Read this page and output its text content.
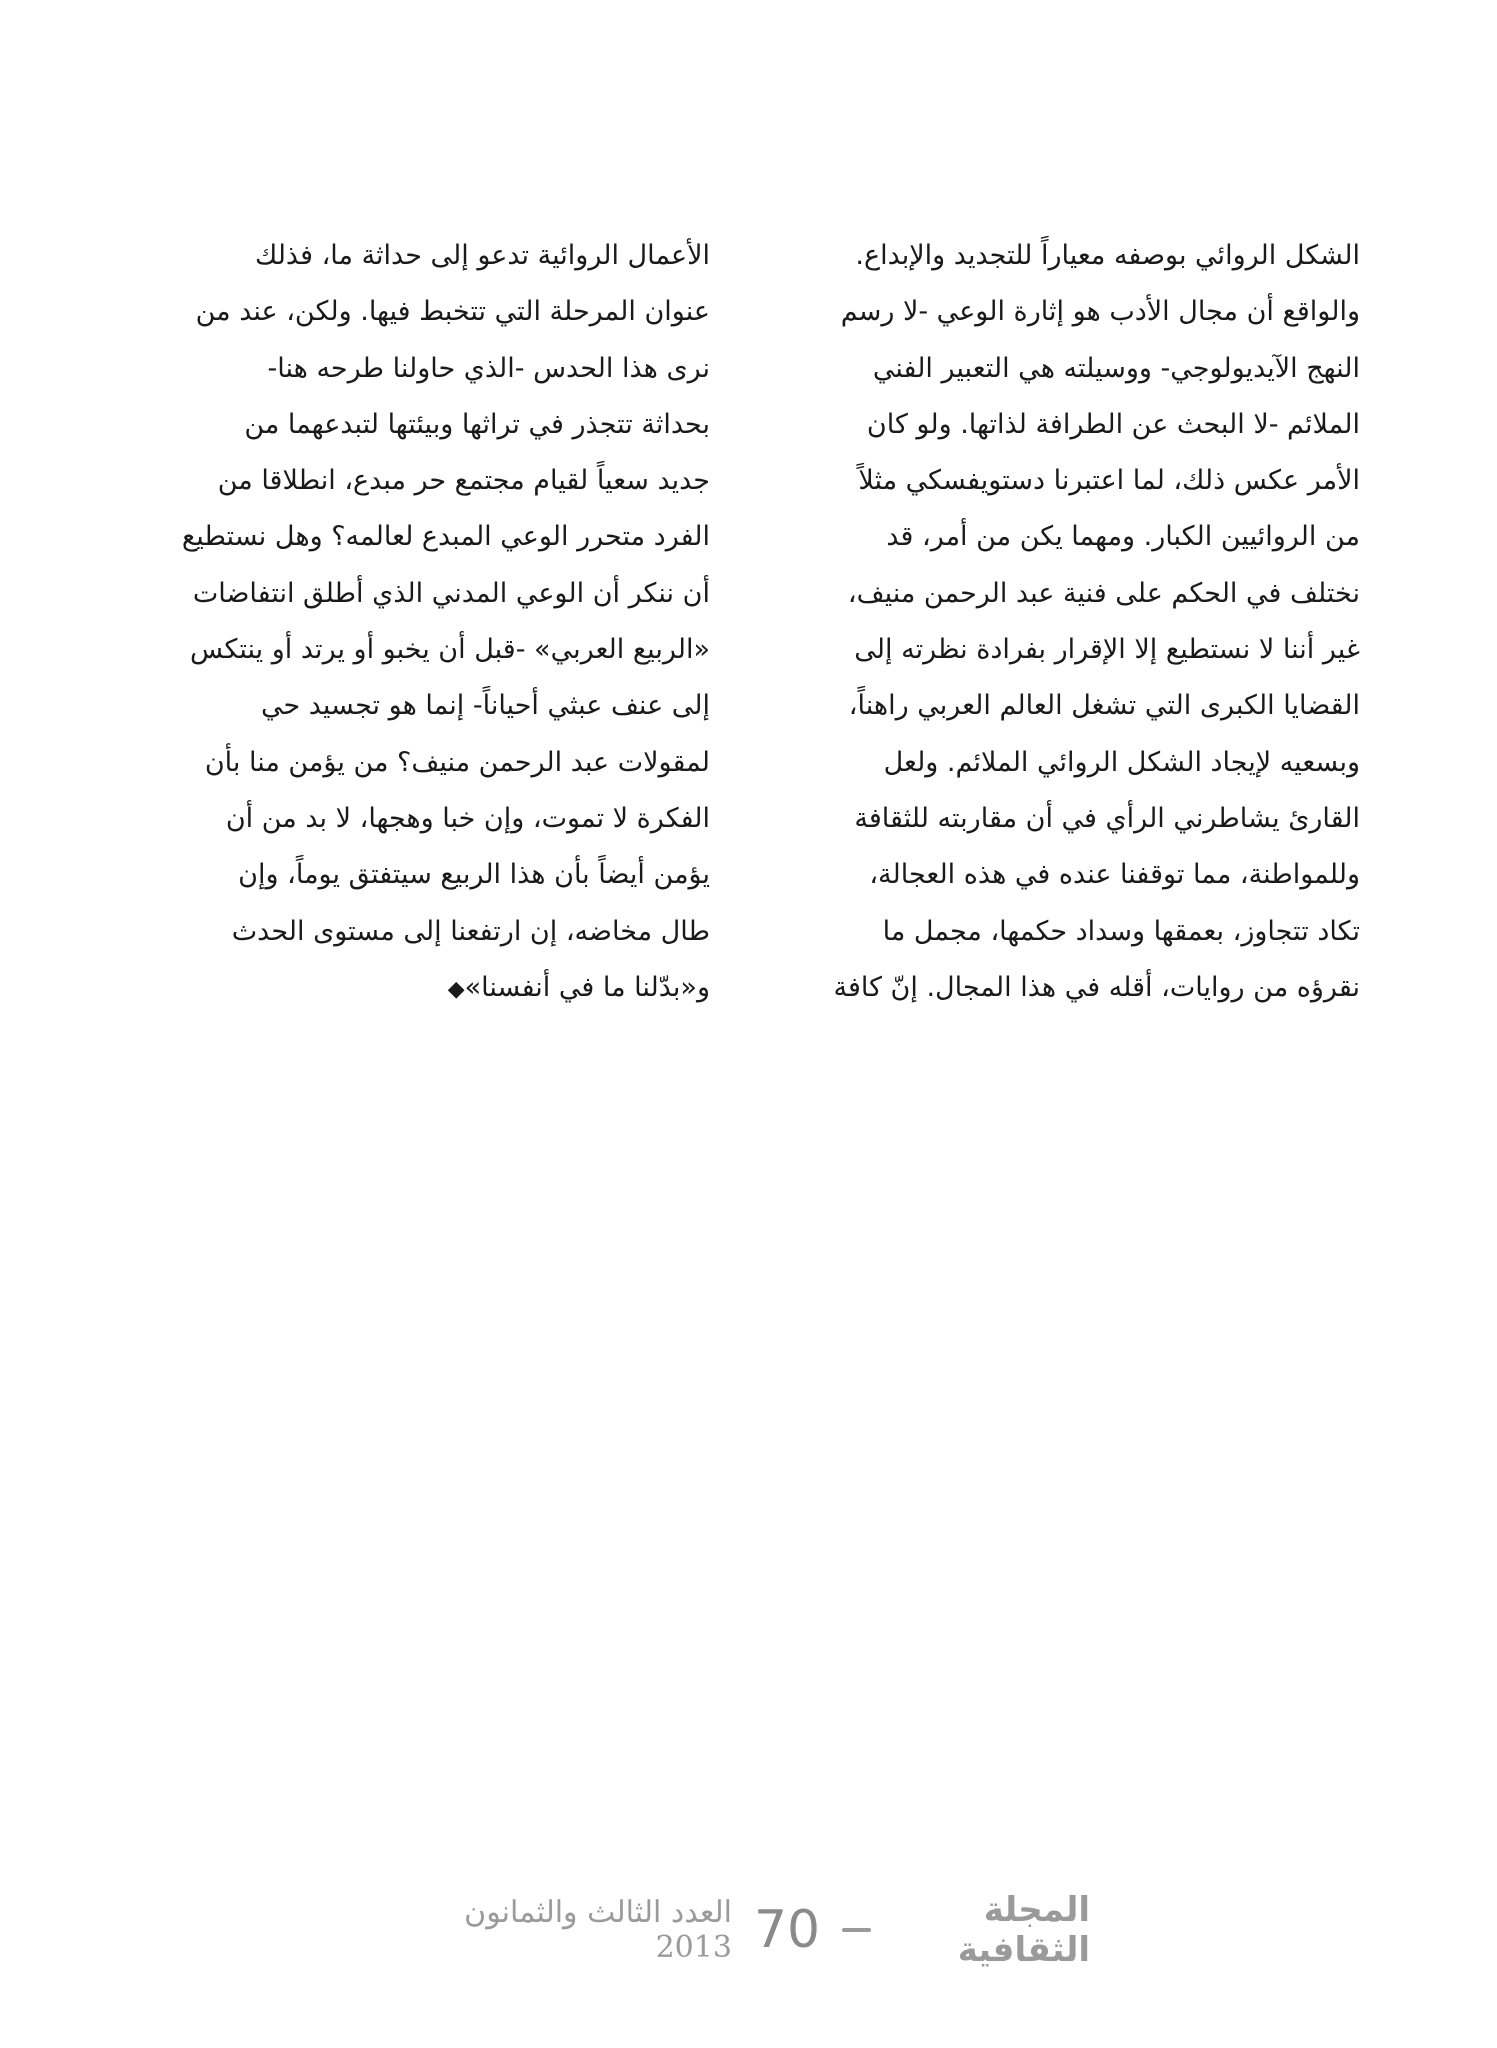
الشكل الروائي بوصفه معياراً للتجديد والإبداع.
والواقع أن مجال الأدب هو إثارة الوعي -لا رسم
النهج الآيديولوجي- ووسيلته هي التعبير الفني
الملائم -لا البحث عن الطرافة لذاتها. ولو كان
الأمر عكس ذلك، لما اعتبرنا دستويفسكي مثلاً
من الروائيين الكبار. ومهما يكن من أمر، قد
نختلف في الحكم على فنية عبد الرحمن منيف،
غير أننا لا نستطيع إلا الإقرار بفرادة نظرته إلى
القضايا الكبرى التي تشغل العالم العربي راهناً،
وبسعيه لإيجاد الشكل الروائي الملائم. ولعل
القارئ يشاطرني الرأي في أن مقاربته للثقافة
وللمواطنة، مما توقفنا عنده في هذه العجالة،
تكاد تتجاوز، بعمقها وسداد حكمها، مجمل ما
نقرؤه من روايات، أقله في هذا المجال. إنّ كافة
الأعمال الروائية تدعو إلى حداثة ما، فذلك
عنوان المرحلة التي تتخبط فيها. ولكن، عند من
نرى هذا الحدس -الذي حاولنا طرحه هنا-
بحداثة تتجذر في تراثها وبيئتها لتبدعهما من
جديد سعياً لقيام مجتمع حر مبدع، انطلاقا من
الفرد متحرر الوعي المبدع لعالمه؟ وهل نستطيع
أن ننكر أن الوعي المدني الذي أطلق انتفاضات
«الربيع العربي» -قبل أن يخبو أو يرتد أو ينتكس
إلى عنف عبثي أحياناً- إنما هو تجسيد حي
لمقولات عبد الرحمن منيف؟ من يؤمن منا بأن
الفكرة لا تموت، وإن خبا وهجها، لا بد من أن
يؤمن أيضاً بأن هذا الربيع سيتفتق يوماً، وإن
طال مخاضه، إن ارتفعنا إلى مستوى الحدث
و«بدّلنا ما في أنفسنا»◆
المجلة الثقافية
70
العدد الثالث والثمانون 2013
